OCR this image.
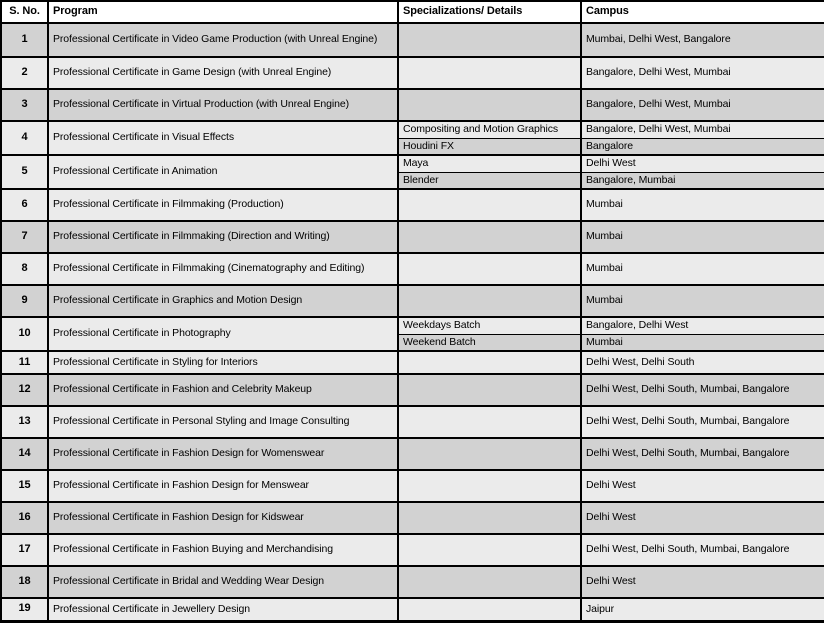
S. No.	Program	Specializations/ Details	Campus
1	Professional Certificate in Video Game Production (with Unreal Engine)		Mumbai, Delhi West, Bangalore
2	Professional Certificate in Game Design (with Unreal Engine)		Bangalore, Delhi West, Mumbai
3	Professional Certificate in Virtual Production (with Unreal Engine)		Bangalore, Delhi West, Mumbai
4	Professional Certificate in Visual Effects	Compositing and Motion Graphics	Bangalore, Delhi West, Mumbai
		Houdini FX	Bangalore
5	Professional Certificate in Animation	Maya	Delhi West
		Blender	Bangalore, Mumbai
6	Professional Certificate in Filmmaking (Production)		Mumbai
7	Professional Certificate in Filmmaking (Direction and Writing)		Mumbai
8	Professional Certificate in Filmmaking (Cinematography and Editing)		Mumbai
9	Professional Certificate in Graphics and Motion Design		Mumbai
10	Professional Certificate in Photography	Weekdays Batch	Bangalore, Delhi West
		Weekend Batch	Mumbai
11	Professional Certificate in Styling for Interiors		Delhi West, Delhi South
12	Professional Certificate in Fashion and Celebrity Makeup		Delhi West, Delhi South, Mumbai, Bangalore
13	Professional Certificate in Personal Styling and Image Consulting		Delhi West, Delhi South, Mumbai, Bangalore
14	Professional Certificate in Fashion Design for Womenswear		Delhi West, Delhi South, Mumbai, Bangalore
15	Professional Certificate in Fashion Design for Menswear		Delhi West
16	Professional Certificate in Fashion Design for Kidswear		Delhi West
17	Professional Certificate in Fashion Buying and Merchandising		Delhi West, Delhi South, Mumbai, Bangalore
18	Professional Certificate in Bridal and Wedding Wear Design		Delhi West
19	Professional Certificate in Jewellery Design		Jaipur
